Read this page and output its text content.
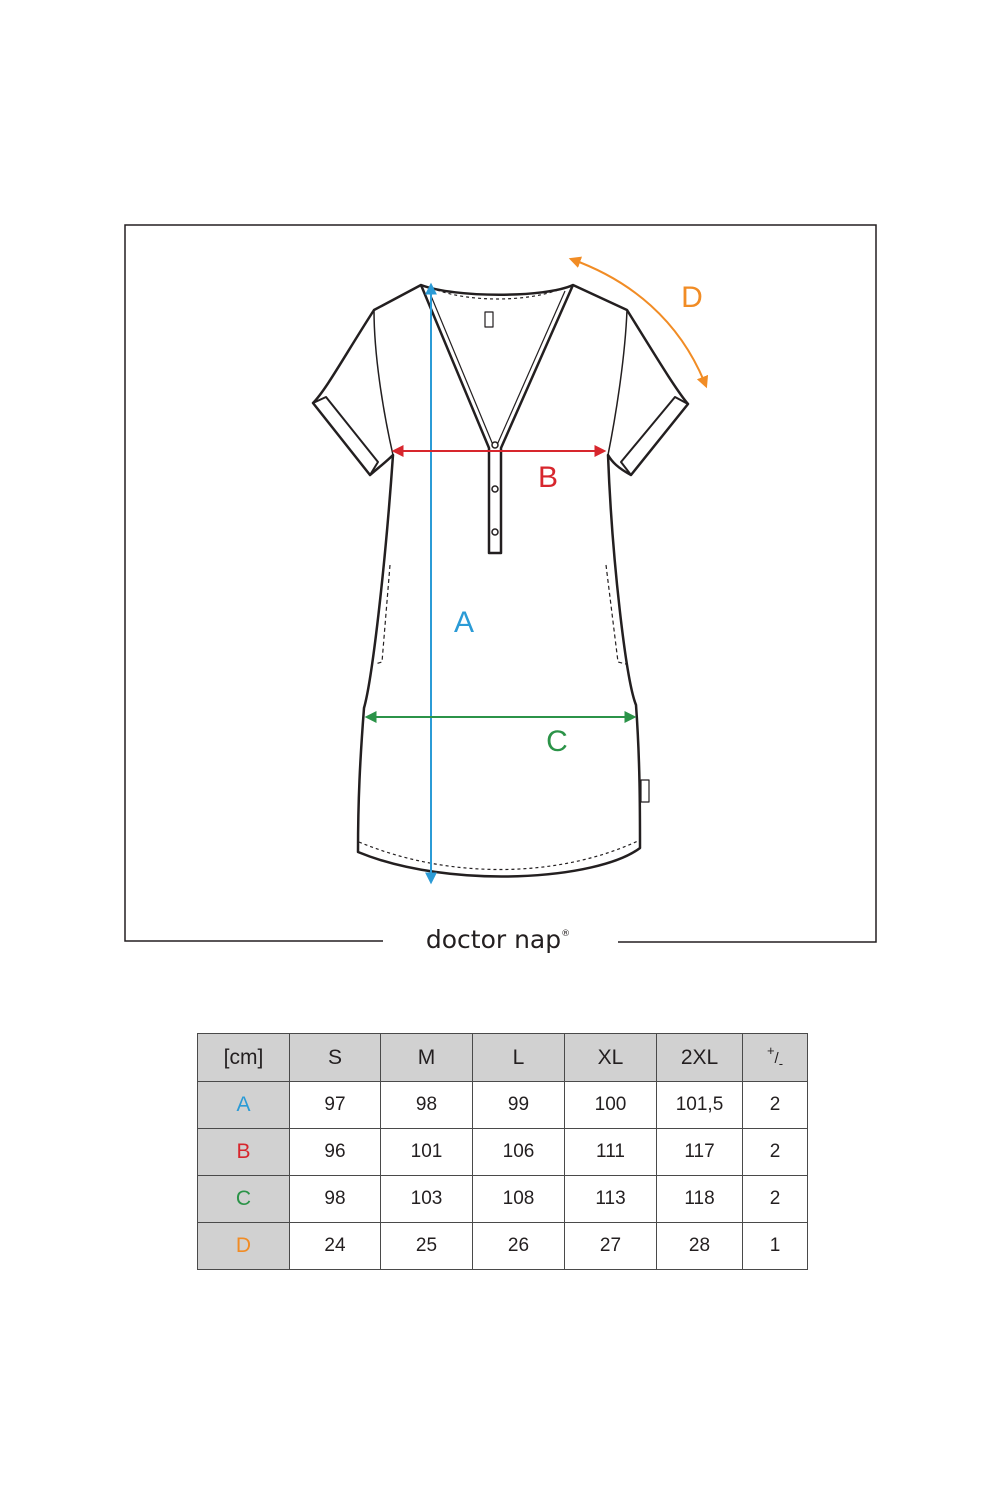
A
B
C
D
doctor nap®
[cm]	S	M	L	XL	2XL	$^+/_-$
A	97	98	99	100	101,5	2
B	96	101	106	111	117	2
C	98	103	108	113	118	2
D	24	25	26	27	28	1
